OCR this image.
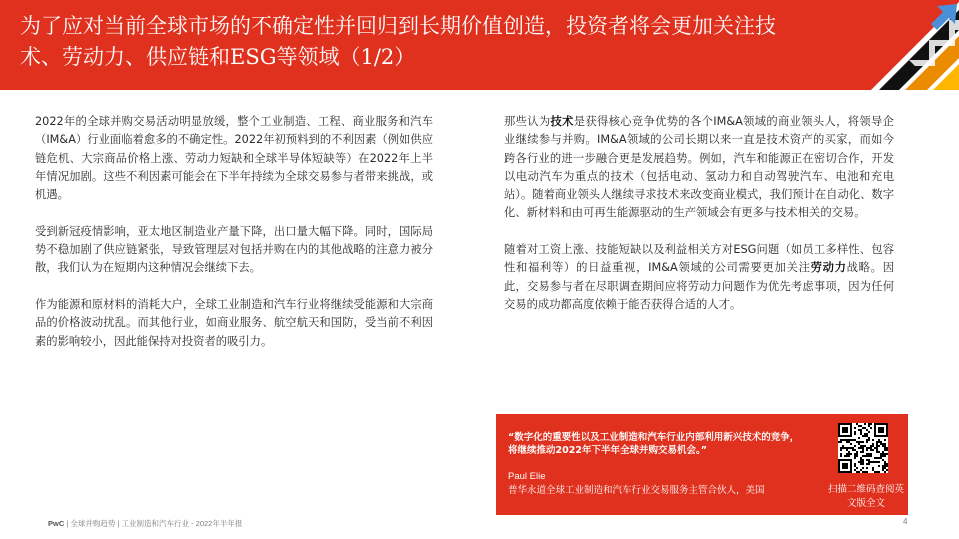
为了应对当前全球市场的不确定性并回归到长期价值创造，投资者将会更加关注技术、劳动力、供应链和ESG等领域（1/2）

2022年的全球并购交易活动明显放缓，整个工业制造、工程、商业服务和汽车（IM&A）行业面临着愈多的不确定性。2022年初预料到的不利因素（例如供应链危机、大宗商品价格上涨、劳动力短缺和全球半导体短缺等）在2022年上半年情况加剧。这些不利因素可能会在下半年持续为全球交易参与者带来挑战，或机遇。

受到新冠疫情影响，亚太地区制造业产量下降，出口量大幅下降。同时，国际局势不稳加剧了供应链紧张，导致管理层对包括并购在内的其他战略的注意力被分散，我们认为在短期内这种情况会继续下去。

作为能源和原材料的消耗大户，全球工业制造和汽车行业将继续受能源和大宗商品的价格波动扰乱。而其他行业，如商业服务、航空航天和国防，受当前不利因素的影响较小，因此能保持对投资者的吸引力。

那些认为技术是获得核心竞争优势的各个IM&A领域的商业领头人，将领导企业继续参与并购。IM&A领域的公司长期以来一直是技术资产的买家，而如今跨各行业的进一步融合更是发展趋势。例如，汽车和能源正在密切合作，开发以电动汽车为重点的技术（包括电动、氢动力和自动驾驶汽车、电池和充电站）。随着商业领头人继续寻求技术来改变商业模式，我们预计在自动化、数字化、新材料和由可再生能源驱动的生产领域会有更多与技术相关的交易。

随着对工资上涨、技能短缺以及利益相关方对ESG问题（如员工多样性、包容性和福利等）的日益重视，IM&A领域的公司需要更加关注劳动力战略。因此，交易参与者在尽职调查期间应将劳动力问题作为优先考虑事项，因为任何交易的成功都高度依赖于能否获得合适的人才。

“数字化的重要性以及工业制造和汽车行业内部利用新兴技术的竞争，将继续推动2022年下半年全球并购交易机会。”

Paul Elie
普华永道全球工业制造和汽车行业交易服务主管合伙人，美国	扫描二维码查阅英文版全文
PwC | 全球并购趋势 | 工业制造和汽车行业 - 2022年半年报	4
